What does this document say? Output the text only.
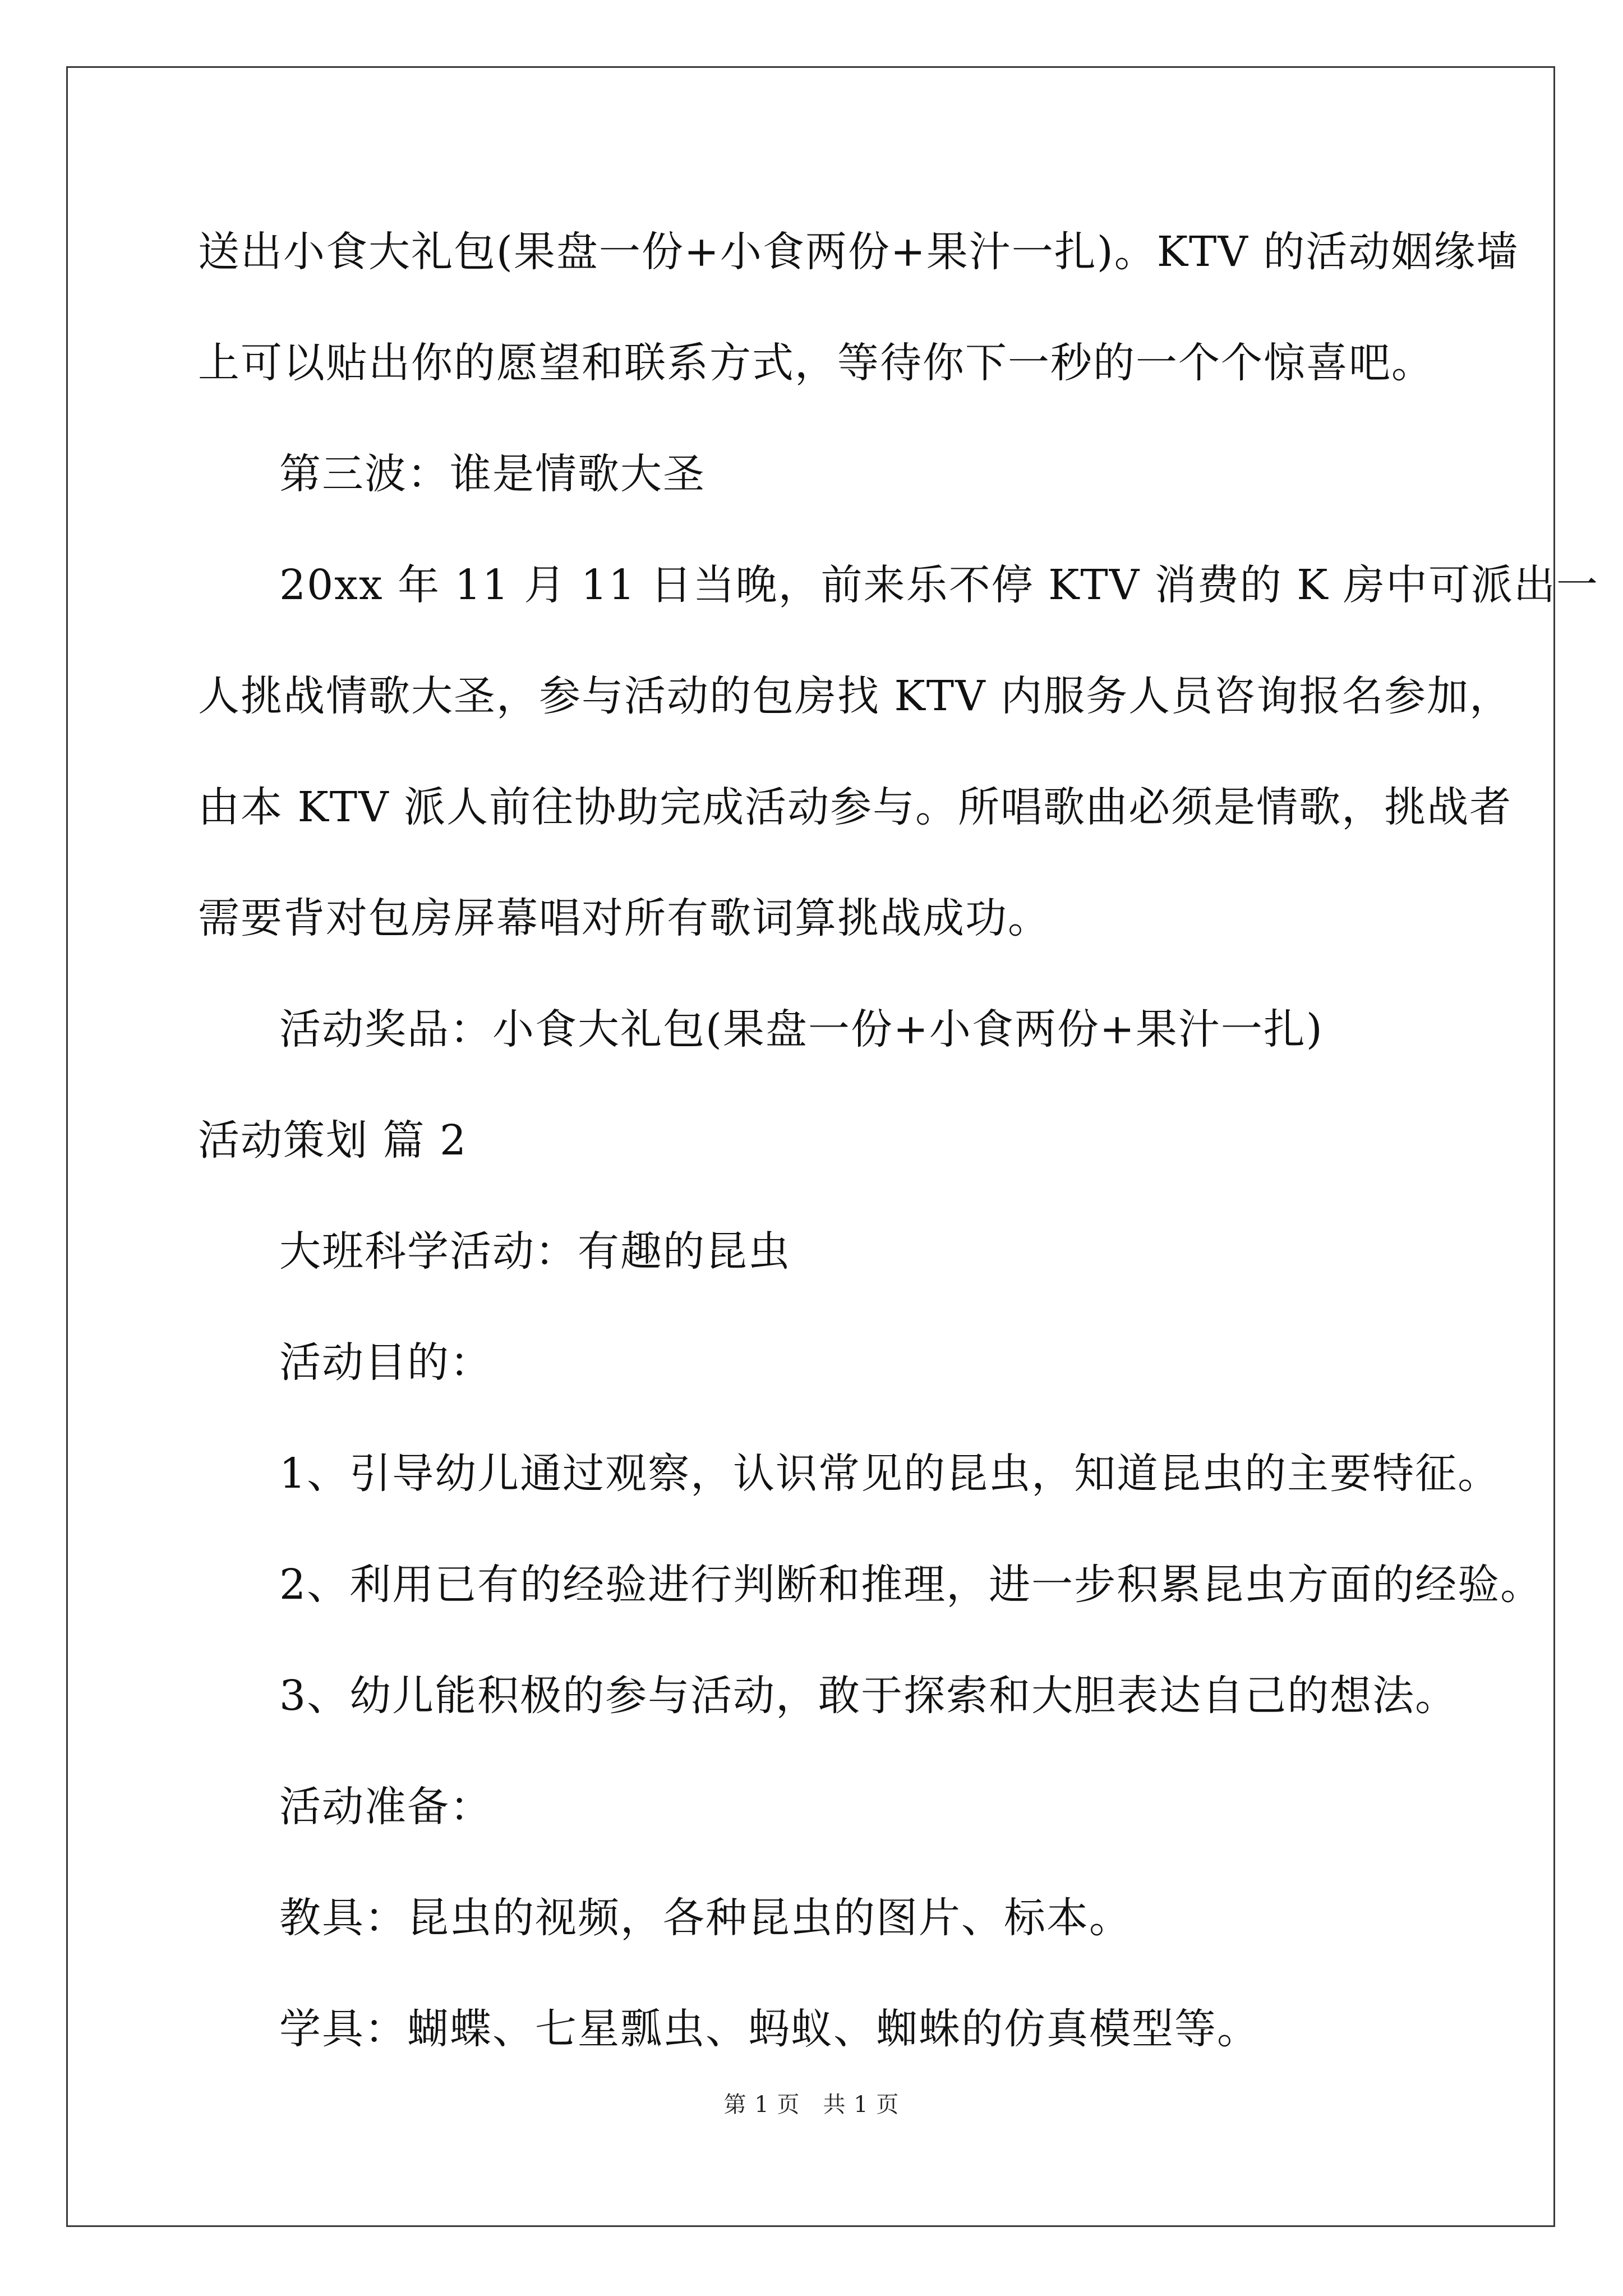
送出小食大礼包(果盘一份+小食两份+果汁一扎)。KTV 的活动姻缘墙
上可以贴出你的愿望和联系方式，等待你下一秒的一个个惊喜吧。
第三波：谁是情歌大圣
20xx 年 11 月 11 日当晚，前来乐不停 KTV 消费的 K 房中可派出一
人挑战情歌大圣，参与活动的包房找 KTV 内服务人员咨询报名参加，
由本 KTV 派人前往协助完成活动参与。所唱歌曲必须是情歌，挑战者
需要背对包房屏幕唱对所有歌词算挑战成功。
活动奖品：小食大礼包(果盘一份+小食两份+果汁一扎)
活动策划 篇 2
大班科学活动：有趣的昆虫
活动目的：
1、引导幼儿通过观察，认识常见的昆虫，知道昆虫的主要特征。
2、利用已有的经验进行判断和推理，进一步积累昆虫方面的经验。
3、幼儿能积极的参与活动，敢于探索和大胆表达自己的想法。
活动准备：
教具：昆虫的视频，各种昆虫的图片、标本。
学具：蝴蝶、七星瓢虫、蚂蚁、蜘蛛的仿真模型等。
第 1 页　共 1 页
